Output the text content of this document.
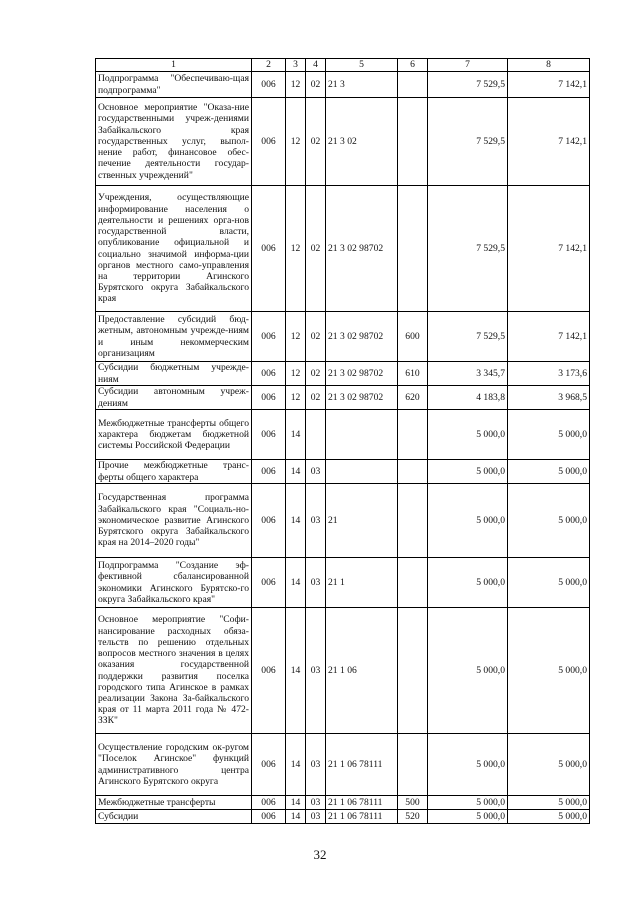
1	2	3	4	5	6	7	8
Подпрограмма "Обеспечиваю-щая подпрограмма"	006	12	02	21 3		7 529,5	7 142,1
Основное мероприятие "Оказа-ние государственными учреж-дениями Забайкальского края государственных услуг, выпол-нение работ, финансовое обес-печение деятельности государ-ственных учреждений"	006	12	02	21 3 02		7 529,5	7 142,1
Учреждения, осуществляющие информирование населения о деятельности и решениях орга-нов государственной власти, опубликование официальной и социально значимой информа-ции органов местного само-управления на территории Агинского Бурятского округа Забайкальского края	006	12	02	21 3 02 98702		7 529,5	7 142,1
Предоставление субсидий бюд-жетным, автономным учрежде-ниям и иным некоммерческим организациям	006	12	02	21 3 02 98702	600	7 529,5	7 142,1
Субсидии бюджетным учрежде-ниям	006	12	02	21 3 02 98702	610	3 345,7	3 173,6
Субсидии автономным учреж-дениям	006	12	02	21 3 02 98702	620	4 183,8	3 968,5
Межбюджетные трансферты общего характера бюджетам бюджетной системы Российской Федерации	006	14				5 000,0	5 000,0
Прочие межбюджетные транс-ферты общего характера	006	14	03			5 000,0	5 000,0
Государственная программа Забайкальского края "Социаль-но-экономическое развитие Агинского Бурятского округа Забайкальского края на 2014–2020 годы"	006	14	03	21		5 000,0	5 000,0
Подпрограмма "Создание эф-фективной сбалансированной экономики Агинского Бурятско-го округа Забайкальского края"	006	14	03	21 1		5 000,0	5 000,0
Основное мероприятие "Софи-нансирование расходных обяза-тельств по решению отдельных вопросов местного значения в целях оказания государственной поддержки развития поселка городского типа Агинское в рамках реализации Закона За-байкальского края от 11 марта 2011 года № 472-ЗЗК"	006	14	03	21 1 06		5 000,0	5 000,0
Осуществление городским ок-ругом "Поселок Агинское" функций административного центра Агинского Бурятского округа	006	14	03	21 1 06 78111		5 000,0	5 000,0
Межбюджетные трансферты	006	14	03	21 1 06 78111	500	5 000,0	5 000,0
Субсидии	006	14	03	21 1 06 78111	520	5 000,0	5 000,0
32
